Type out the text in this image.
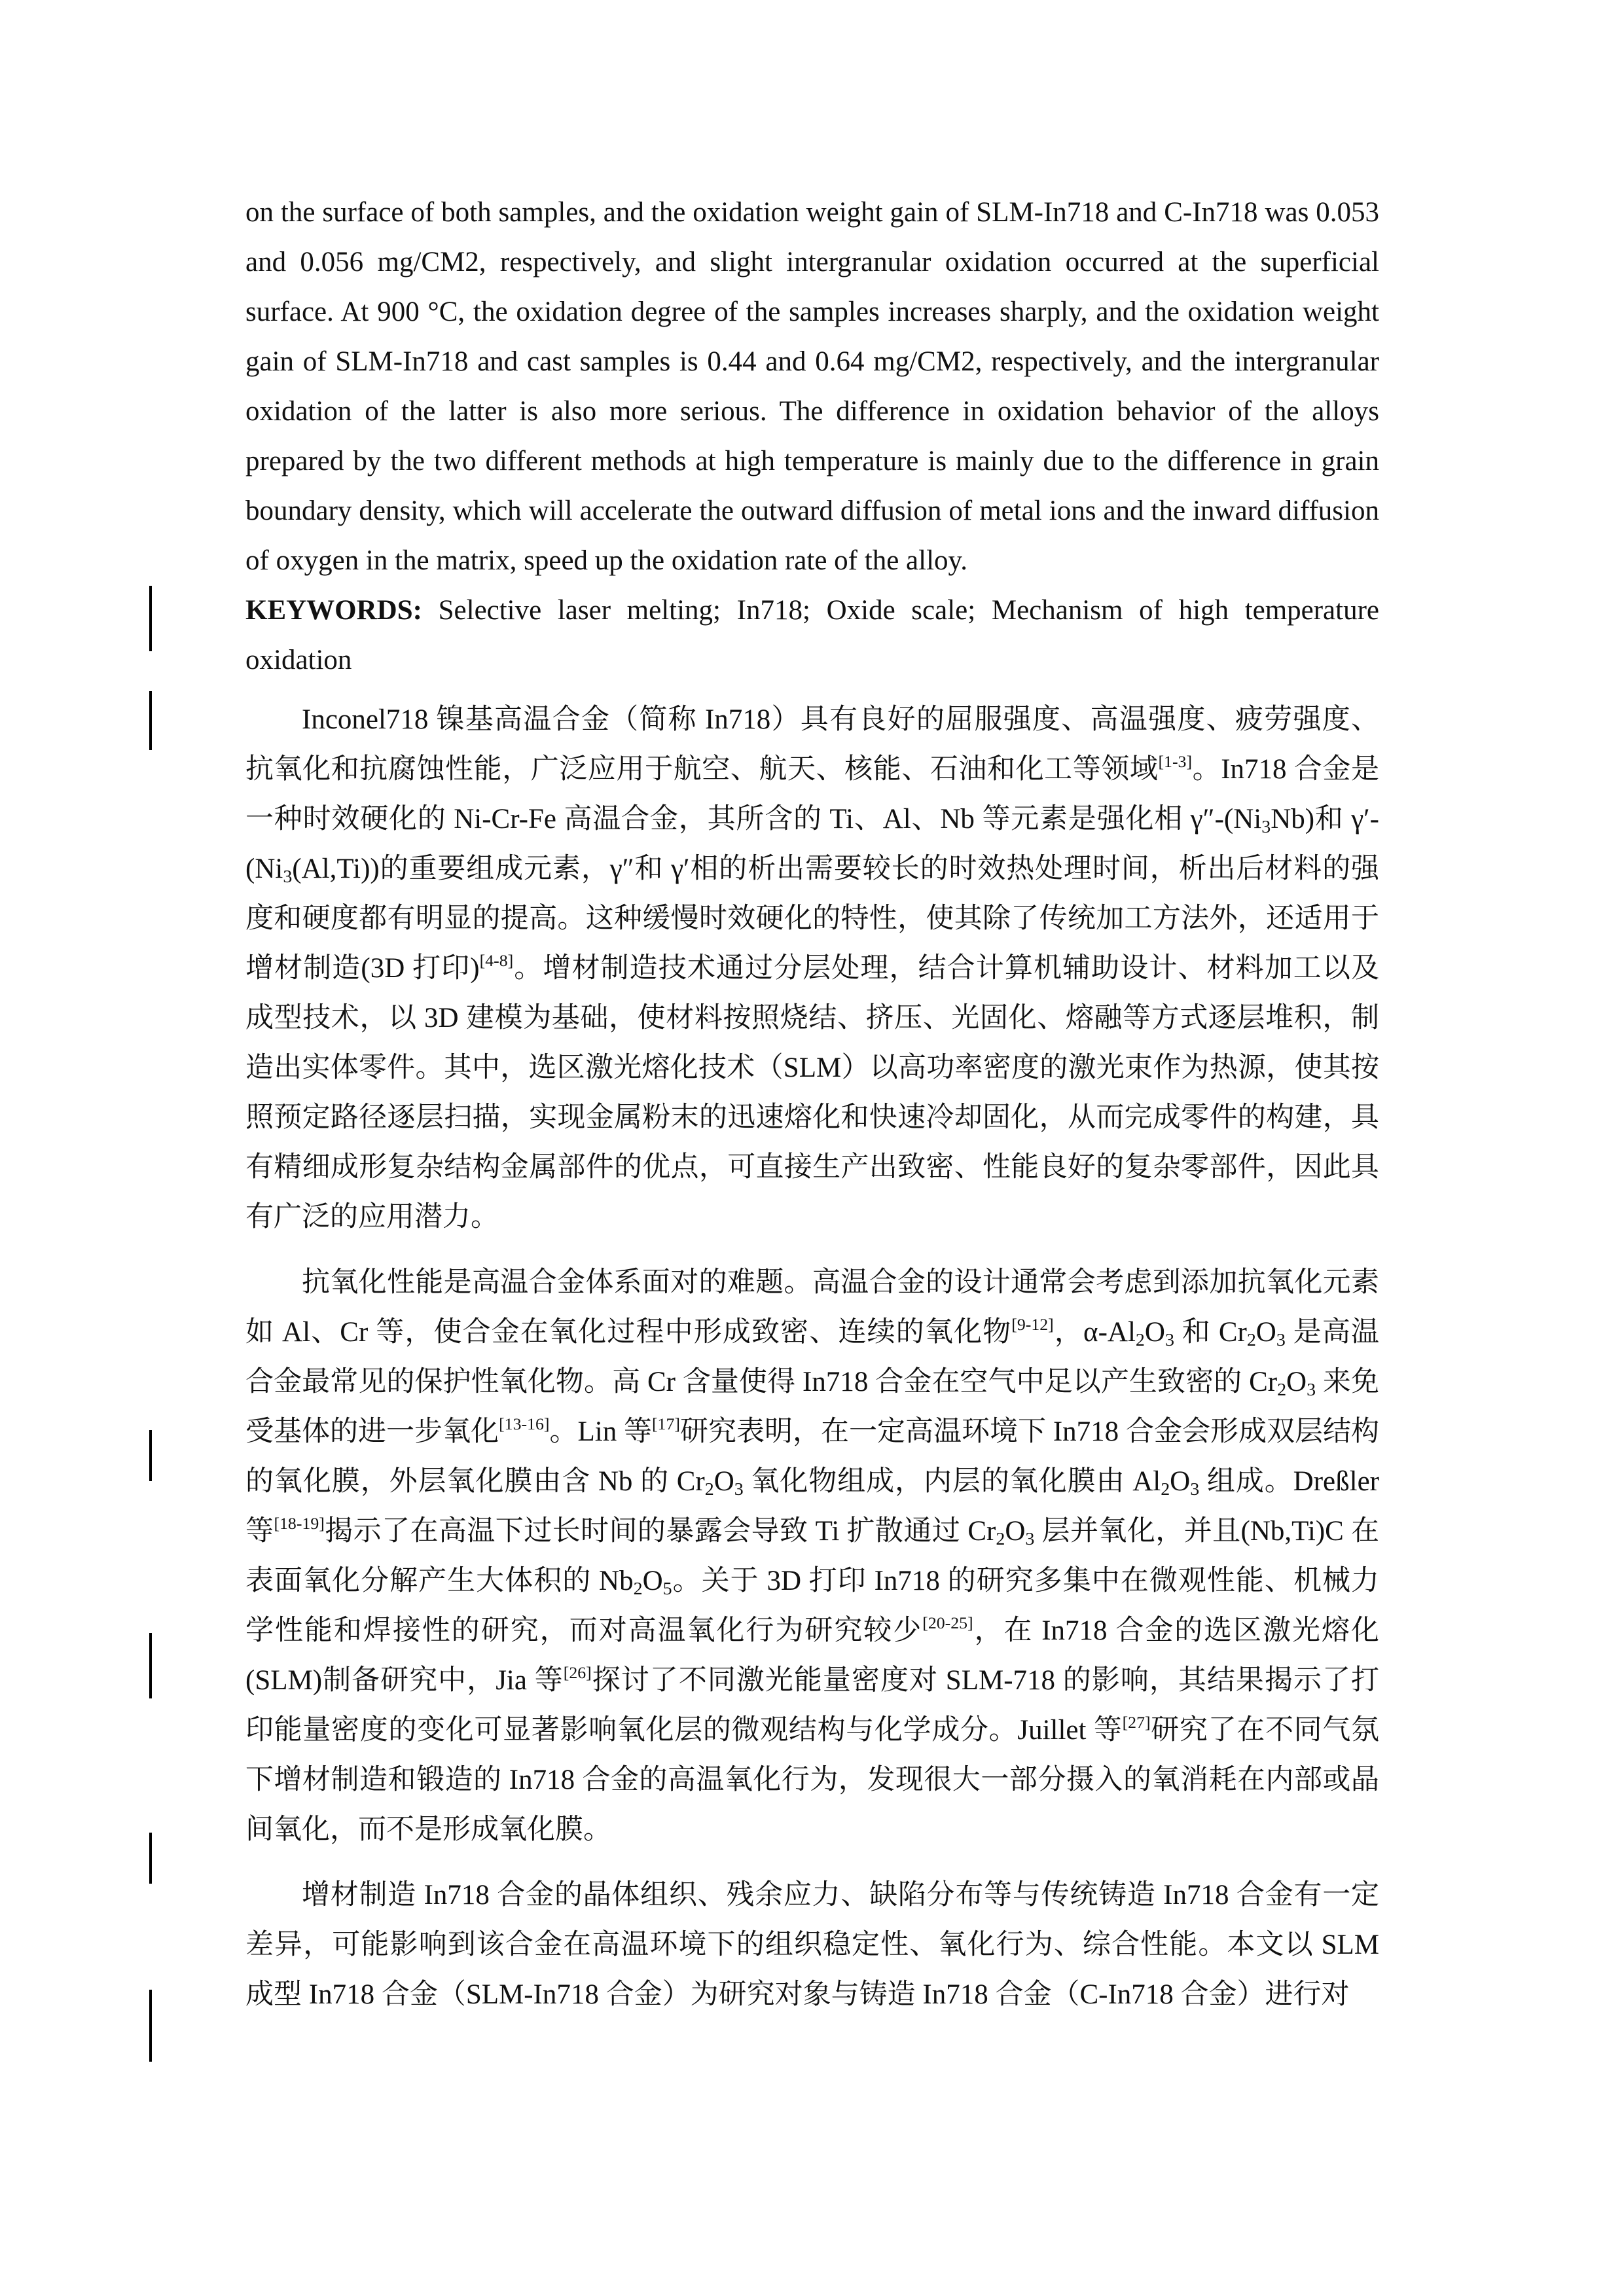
on the surface of both samples, and the oxidation weight gain of SLM-In718 and C-In718 was 0.053 and 0.056 mg/CM2, respectively, and slight intergranular oxidation occurred at the superficial surface. At 900 °C, the oxidation degree of the samples increases sharply, and the oxidation weight gain of SLM-In718 and cast samples is 0.44 and 0.64 mg/CM2, respectively, and the intergranular oxidation of the latter is also more serious. The difference in oxidation behavior of the alloys prepared by the two different methods at high temperature is mainly due to the difference in grain boundary density, which will accelerate the outward diffusion of metal ions and the inward diffusion of oxygen in the matrix, speed up the oxidation rate of the alloy.

KEYWORDS: Selective laser melting; In718; Oxide scale; Mechanism of high temperature oxidation

Inconel718 镍基高温合金（简称 In718）具有良好的屈服强度、高温强度、疲劳强度、抗氧化和抗腐蚀性能，广泛应用于航空、航天、核能、石油和化工等领域[1-3]。In718 合金是一种时效硬化的 Ni-Cr-Fe 高温合金，其所含的 Ti、Al、Nb 等元素是强化相 $\gamma''-(Ni_3Nb)$和 $\gamma'-(Ni_3(Al,Ti))$的重要组成元素，γ″和 γ′相的析出需要较长的时效热处理时间，析出后材料的强度和硬度都有明显的提高。这种缓慢时效硬化的特性，使其除了传统加工方法外，还适用于增材制造(3D 打印)[4-8]。增材制造技术通过分层处理，结合计算机辅助设计、材料加工以及成型技术，以 3D 建模为基础，使材料按照烧结、挤压、光固化、熔融等方式逐层堆积，制造出实体零件。其中，选区激光熔化技术（SLM）以高功率密度的激光束作为热源，使其按照预定路径逐层扫描，实现金属粉末的迅速熔化和快速冷却固化，从而完成零件的构建，具有精细成形复杂结构金属部件的优点，可直接生产出致密、性能良好的复杂零部件，因此具有广泛的应用潜力。

抗氧化性能是高温合金体系面对的难题。高温合金的设计通常会考虑到添加抗氧化元素如 Al、Cr 等，使合金在氧化过程中形成致密、连续的氧化物[9-12]，$\alpha-Al_2O_3$ 和 $Cr_2O_3$ 是高温合金最常见的保护性氧化物。高 Cr 含量使得 In718 合金在空气中足以产生致密的 $Cr_2O_3$ 来免受基体的进一步氧化[13-16]。Lin 等[17]研究表明，在一定高温环境下 In718 合金会形成双层结构的氧化膜，外层氧化膜由含 Nb 的 $Cr_2O_3$ 氧化物组成，内层的氧化膜由 $Al_2O_3$ 组成。Dreßler 等[18-19]揭示了在高温下过长时间的暴露会导致 Ti 扩散通过 $Cr_2O_3$ 层并氧化，并且(Nb,Ti)C 在表面氧化分解产生大体积的 $Nb_2O_5$。关于 3D 打印 In718 的研究多集中在微观性能、机械力学性能和焊接性的研究，而对高温氧化行为研究较少[20-25]，在 In718 合金的选区激光熔化(SLM)制备研究中，Jia 等[26]探讨了不同激光能量密度对 SLM-718 的影响，其结果揭示了打印能量密度的变化可显著影响氧化层的微观结构与化学成分。Juillet 等[27]研究了在不同气氛下增材制造和锻造的 In718 合金的高温氧化行为，发现很大一部分摄入的氧消耗在内部或晶间氧化，而不是形成氧化膜。

增材制造 In718 合金的晶体组织、残余应力、缺陷分布等与传统铸造 In718 合金有一定差异，可能影响到该合金在高温环境下的组织稳定性、氧化行为、综合性能。本文以 SLM 成型 In718 合金（SLM-In718 合金）为研究对象与铸造 In718 合金（C-In718 合金）进行对
